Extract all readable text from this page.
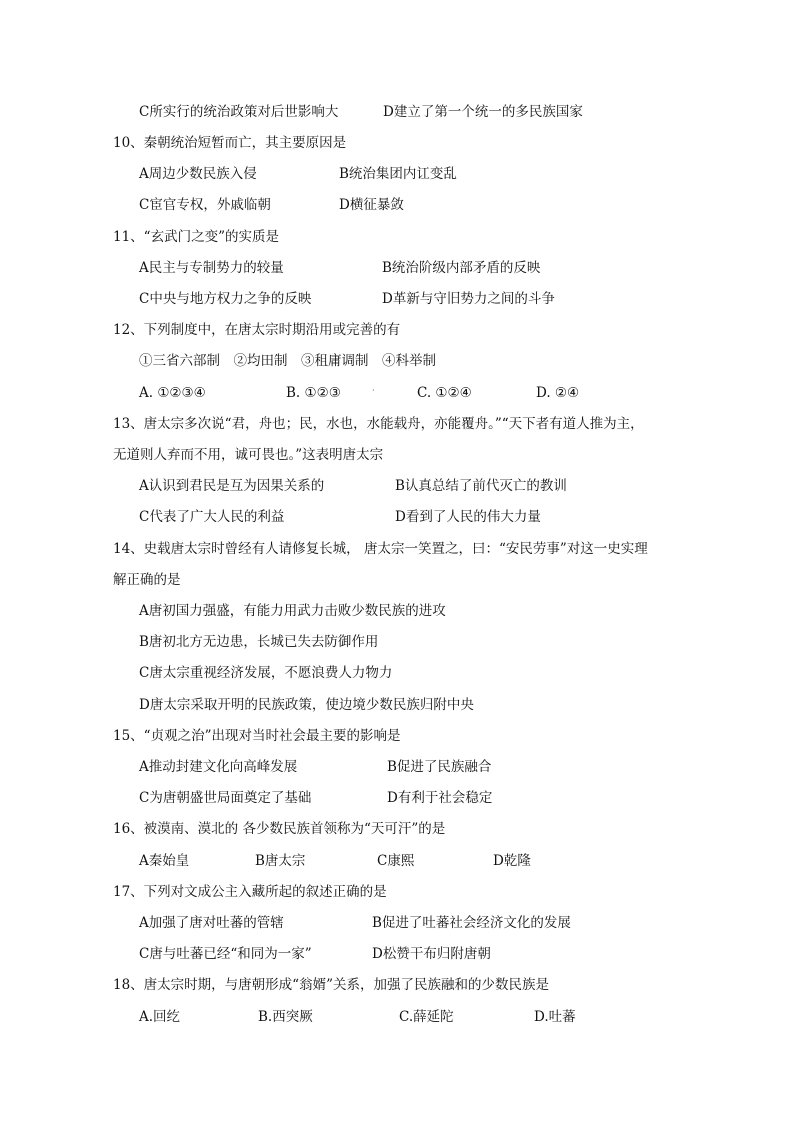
C所实行的统治政策对后世影响大	D建立了第一个统一的多民族国家
10、秦朝统治短暂而亡，其主要原因是
A周边少数民族入侵	B统治集团内讧变乱
C宦官专权，外戚临朝	D横征暴敛
11、“玄武门之变”的实质是
A民主与专制势力的较量	B统治阶级内部矛盾的反映
C中央与地方权力之争的反映	D革新与守旧势力之间的斗争
12、下列制度中，在唐太宗时期沿用或完善的有
①三省六部制　②均田制　③租庸调制　④科举制
A. ①②③④	B. ①②③	C. ①②④	D. ②④
·
13、唐太宗多次说“君，舟也；民，水也，水能载舟，亦能覆舟。”“天下者有道人推为主，
无道则人弃而不用，诚可畏也。”这表明唐太宗
A认识到君民是互为因果关系的	B认真总结了前代灭亡的教训
C代表了广大人民的利益	D看到了人民的伟大力量
14、史载唐太宗时曾经有人请修复长城， 唐太宗一笑置之，曰：“安民劳事”对这一史实理
解正确的是
A唐初国力强盛，有能力用武力击败少数民族的进攻
B唐初北方无边患，长城已失去防御作用
C唐太宗重视经济发展，不愿浪费人力物力
D唐太宗采取开明的民族政策，使边境少数民族归附中央
15、“贞观之治”出现对当时社会最主要的影响是
A推动封建文化向高峰发展	B促进了民族融合
C为唐朝盛世局面奠定了基础	D有利于社会稳定
16、被漠南、漠北的 各少数民族首领称为“天可汗”的是
A秦始皇	B唐太宗	C康熙	D乾隆
17、下列对文成公主入藏所起的叙述正确的是
A加强了唐对吐蕃的管辖	B促进了吐蕃社会经济文化的发展
C唐与吐蕃已经“和同为一家”	D松赞干布归附唐朝
18、唐太宗时期，与唐朝形成“翁婿”关系，加强了民族融和的少数民族是
A.回纥	B.西突厥	C.薛延陀	D.吐蕃
